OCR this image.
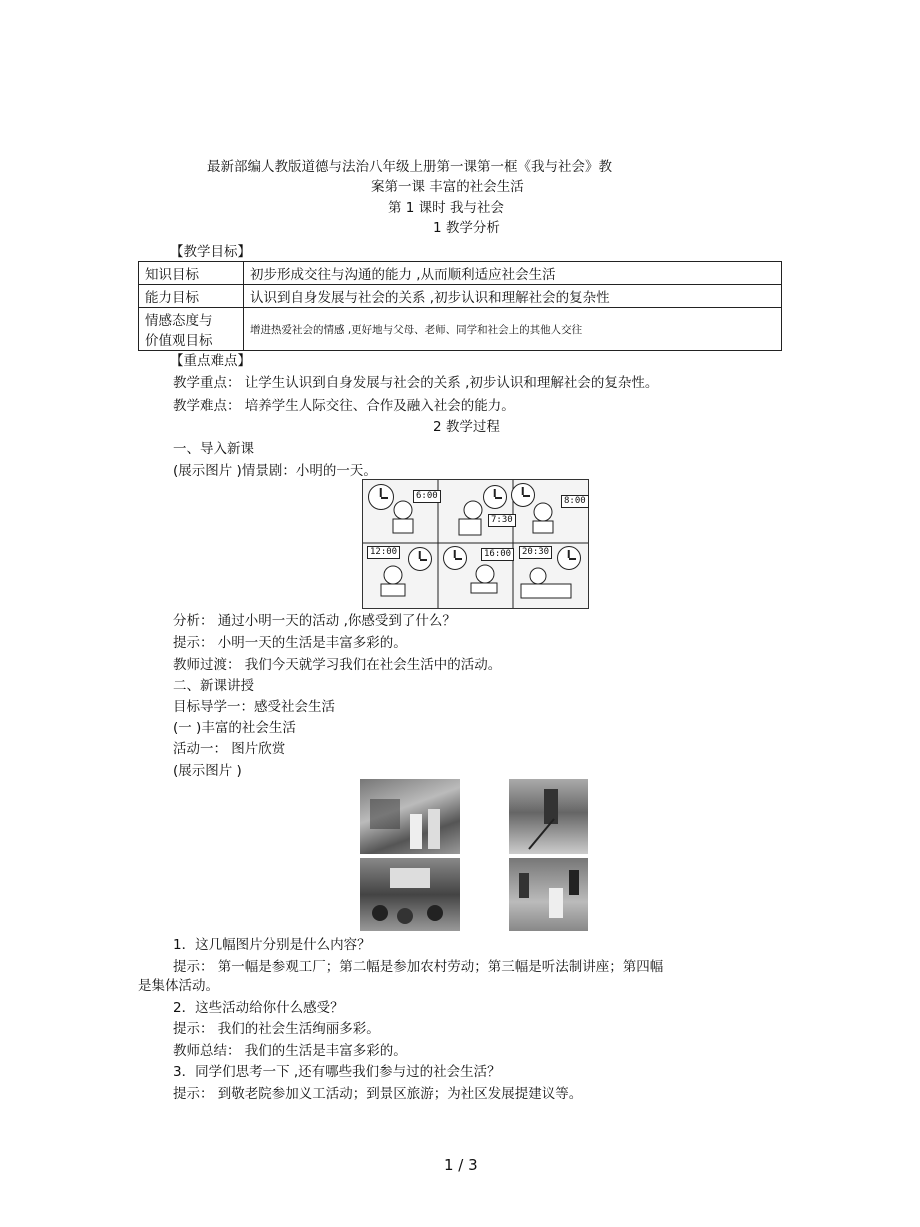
最新部编人教版道德与法治八年级上册第一课第一框《我与社会》教
案第一课 丰富的社会生活
第 1 课时 我与社会
1 教学分析
【教学目标】
知识目标	初步形成交往与沟通的能力 ,从而顺利适应社会生活
能力目标	认识到自身发展与社会的关系 ,初步认识和理解社会的复杂性

情感态度与
价值观目标	增进热爱社会的情感 ,更好地与父母、老师、同学和社会上的其他人交往
【重点难点】
教学重点： 让学生认识到自身发展与社会的关系 ,初步认识和理解社会的复杂性。
教学难点： 培养学生人际交往、合作及融入社会的能力。
2 教学过程
一、导入新课
(展示图片 )情景剧：小明的一天。
6:00
7:30
8:00
12:00	16:00	20:30
分析： 通过小明一天的活动 ,你感受到了什么？
提示： 小明一天的生活是丰富多彩的。
教师过渡： 我们今天就学习我们在社会生活中的活动。
二、新课讲授
目标导学一：感受社会生活
(一 )丰富的社会生活
活动一： 图片欣赏
(展示图片 )
1．这几幅图片分别是什么内容？
提示： 第一幅是参观工厂；第二幅是参加农村劳动；第三幅是听法制讲座；第四幅
是集体活动。
2．这些活动给你什么感受？
提示： 我们的社会生活绚丽多彩。
教师总结： 我们的生活是丰富多彩的。
3．同学们思考一下 ,还有哪些我们参与过的社会生活？
提示： 到敬老院参加义工活动；到景区旅游；为社区发展提建议等。
1 / 3
